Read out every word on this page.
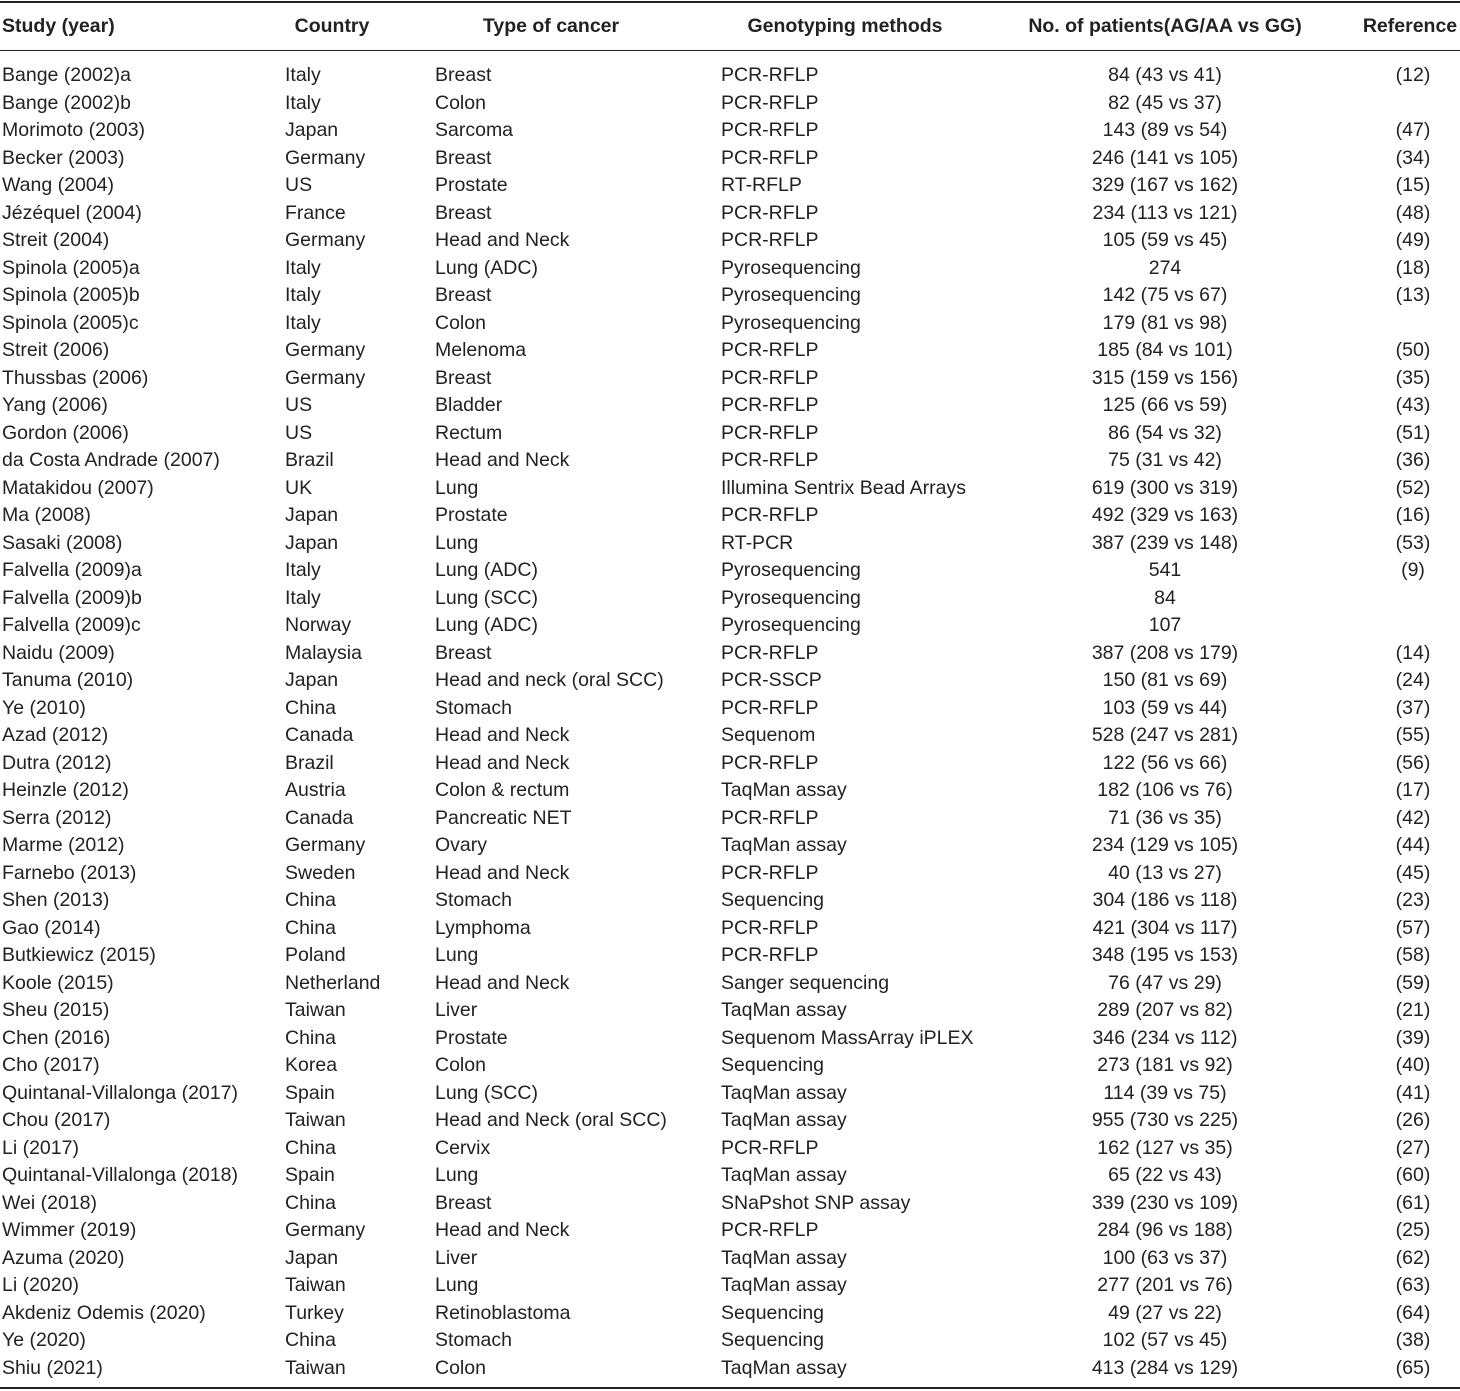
Study (year)	Country	Type of cancer	Genotyping methods	No. of patients(AG/AA vs GG)	Reference
Bange (2002)a	Italy	Breast	PCR-RFLP	84 (43 vs 41)	(12)
Bange (2002)b	Italy	Colon	PCR-RFLP	82 (45 vs 37)
Morimoto (2003)	Japan	Sarcoma	PCR-RFLP	143 (89 vs 54)	(47)
Becker (2003)	Germany	Breast	PCR-RFLP	246 (141 vs 105)	(34)
Wang (2004)	US	Prostate	RT-RFLP	329 (167 vs 162)	(15)
Jézéquel (2004)	France	Breast	PCR-RFLP	234 (113 vs 121)	(48)
Streit (2004)	Germany	Head and Neck	PCR-RFLP	105 (59 vs 45)	(49)
Spinola (2005)a	Italy	Lung (ADC)	Pyrosequencing	274	(18)
Spinola (2005)b	Italy	Breast	Pyrosequencing	142 (75 vs 67)	(13)
Spinola (2005)c	Italy	Colon	Pyrosequencing	179 (81 vs 98)
Streit (2006)	Germany	Melenoma	PCR-RFLP	185 (84 vs 101)	(50)
Thussbas (2006)	Germany	Breast	PCR-RFLP	315 (159 vs 156)	(35)
Yang (2006)	US	Bladder	PCR-RFLP	125 (66 vs 59)	(43)
Gordon (2006)	US	Rectum	PCR-RFLP	86 (54 vs 32)	(51)
da Costa Andrade (2007)	Brazil	Head and Neck	PCR-RFLP	75 (31 vs 42)	(36)
Matakidou (2007)	UK	Lung	Illumina Sentrix Bead Arrays	619 (300 vs 319)	(52)
Ma (2008)	Japan	Prostate	PCR-RFLP	492 (329 vs 163)	(16)
Sasaki (2008)	Japan	Lung	RT-PCR	387 (239 vs 148)	(53)
Falvella (2009)a	Italy	Lung (ADC)	Pyrosequencing	541	(9)
Falvella (2009)b	Italy	Lung (SCC)	Pyrosequencing	84
Falvella (2009)c	Norway	Lung (ADC)	Pyrosequencing	107
Naidu (2009)	Malaysia	Breast	PCR-RFLP	387 (208 vs 179)	(14)
Tanuma (2010)	Japan	Head and neck (oral SCC)	PCR-SSCP	150 (81 vs 69)	(24)
Ye (2010)	China	Stomach	PCR-RFLP	103 (59 vs 44)	(37)
Azad (2012)	Canada	Head and Neck	Sequenom	528 (247 vs 281)	(55)
Dutra (2012)	Brazil	Head and Neck	PCR-RFLP	122 (56 vs 66)	(56)
Heinzle (2012)	Austria	Colon & rectum	TaqMan assay	182 (106 vs 76)	(17)
Serra (2012)	Canada	Pancreatic NET	PCR-RFLP	71 (36 vs 35)	(42)
Marme (2012)	Germany	Ovary	TaqMan assay	234 (129 vs 105)	(44)
Farnebo (2013)	Sweden	Head and Neck	PCR-RFLP	40 (13 vs 27)	(45)
Shen (2013)	China	Stomach	Sequencing	304 (186 vs 118)	(23)
Gao (2014)	China	Lymphoma	PCR-RFLP	421 (304 vs 117)	(57)
Butkiewicz (2015)	Poland	Lung	PCR-RFLP	348 (195 vs 153)	(58)
Koole (2015)	Netherland	Head and Neck	Sanger sequencing	76 (47 vs 29)	(59)
Sheu (2015)	Taiwan	Liver	TaqMan assay	289 (207 vs 82)	(21)
Chen (2016)	China	Prostate	Sequenom MassArray iPLEX	346 (234 vs 112)	(39)
Cho (2017)	Korea	Colon	Sequencing	273 (181 vs 92)	(40)
Quintanal-Villalonga (2017) Spain	Lung (SCC)	TaqMan assay	114 (39 vs 75)	(41)
Chou (2017)	Taiwan	Head and Neck (oral SCC)	TaqMan assay	955 (730 vs 225)	(26)
Li (2017)	China	Cervix	PCR-RFLP	162 (127 vs 35)	(27)
Quintanal-Villalonga (2018) Spain	Lung	TaqMan assay	65 (22 vs 43)	(60)
Wei (2018)	China	Breast	SNaPshot SNP assay	339 (230 vs 109)	(61)
Wimmer (2019)	Germany	Head and Neck	PCR-RFLP	284 (96 vs 188)	(25)
Azuma (2020)	Japan	Liver	TaqMan assay	100 (63 vs 37)	(62)
Li (2020)	Taiwan	Lung	TaqMan assay	277 (201 vs 76)	(63)
Akdeniz Odemis (2020)	Turkey	Retinoblastoma	Sequencing	49 (27 vs 22)	(64)
Ye (2020)	China	Stomach	Sequencing	102 (57 vs 45)	(38)
Shiu (2021)	Taiwan	Colon	TaqMan assay	413 (284 vs 129)	(65)
